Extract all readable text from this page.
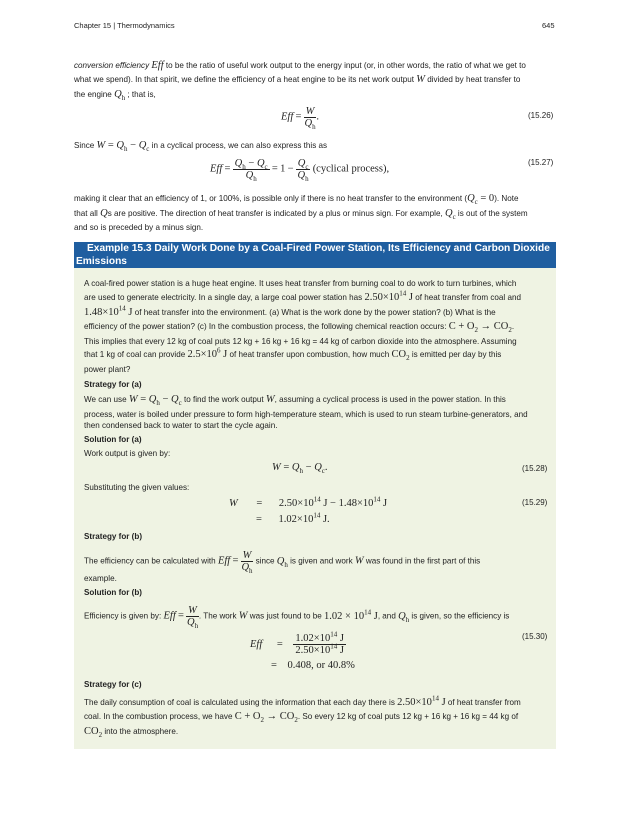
Chapter 15 | Thermodynamics	645
conversion efficiency Eff to be the ratio of useful work output to the energy input (or, in other words, the ratio of what we get to
what we spend). In that spirit, we define the efficiency of a heat engine to be its net work output W divided by heat transfer to
the engine $Q_h$ ; that is,
Eff = $\frac{W}{Q_h}$ .	(15.26)
Since $W = Q_h - Q_c$ in a cyclical process, we can also express this as
Eff = $\frac{Q_h - Q_c}{Q_h} = 1 - \frac{Q_c}{Q_h}$ (cyclical process),
(15.27)
making it clear that an efficiency of 1, or 100%, is possible only if there is no heat transfer to the environment $(Q_c = 0)$. Note
that all Qs are positive. The direction of heat transfer is indicated by a plus or minus sign. For example, $Q_c$ is out of the system
and so is preceded by a minus sign.
Example 15.3 Daily Work Done by a Coal-Fired Power Station, Its Efficiency and Carbon Dioxide
Emissions
A coal-fired power station is a huge heat engine. It uses heat transfer from burning coal to do work to turn turbines, which
are used to generate electricity. In a single day, a large coal power station has $2.50\times 10^{14}$ J of heat transfer from coal and
$1.48\times 10^{14}$ J of heat transfer into the environment. (a) What is the work done by the power station? (b) What is the
efficiency of the power station? (c) In the combustion process, the following chemical reaction occurs: $C + O_2 \to CO_2$.
This implies that every 12 kg of coal puts 12 kg + 16 kg + 16 kg = 44 kg of carbon dioxide into the atmosphere. Assuming
that 1 kg of coal can provide $2.5\times 10^6$ J of heat transfer upon combustion, how much $CO_2$ is emitted per day by this
power plant?
Strategy for (a)
We can use $W = Q_h - Q_c$ to find the work output W, assuming a cyclical process is used in the power station. In this
process, water is boiled under pressure to form high-temperature steam, which is used to run steam turbine-generators, and
then condensed back to water to start the cycle again.
Solution for (a)
Work output is given by:
$W = Q_h - Q_c$.	(15.28)
Substituting the given values:
$W = 2.50\times 10^{14}$ $J - 1.48\times 10^{14}$ J
= $1.02\times 10^{14}$ J.
(15.29)
Strategy for (b)
The efficiency can be calculated with Eff = $\frac{W}{Q_h}$ since $Q_h$ is given and work W was found in the first part of this
example.
Solution for (b)
Efficiency is given by: Eff = $\frac{W}{Q_h}$ . The work W was just found to be $1.02 \times 10^{14}$ J, and $Q_h$ is given, so the efficiency is
Eff = $\frac{1.02\times 10^{14} J}{2.50\times 10^{14} J}$
= 0.408, or 40.8%
(15.30)
Strategy for (c)
The daily consumption of coal is calculated using the information that each day there is $2.50\times 10^{14}$ J of heat transfer from
coal. In the combustion process, we have $C + O_2 \to CO_2$. So every 12 kg of coal puts 12 kg + 16 kg + 16 kg = 44 kg of
$CO_2$ into the atmosphere.
